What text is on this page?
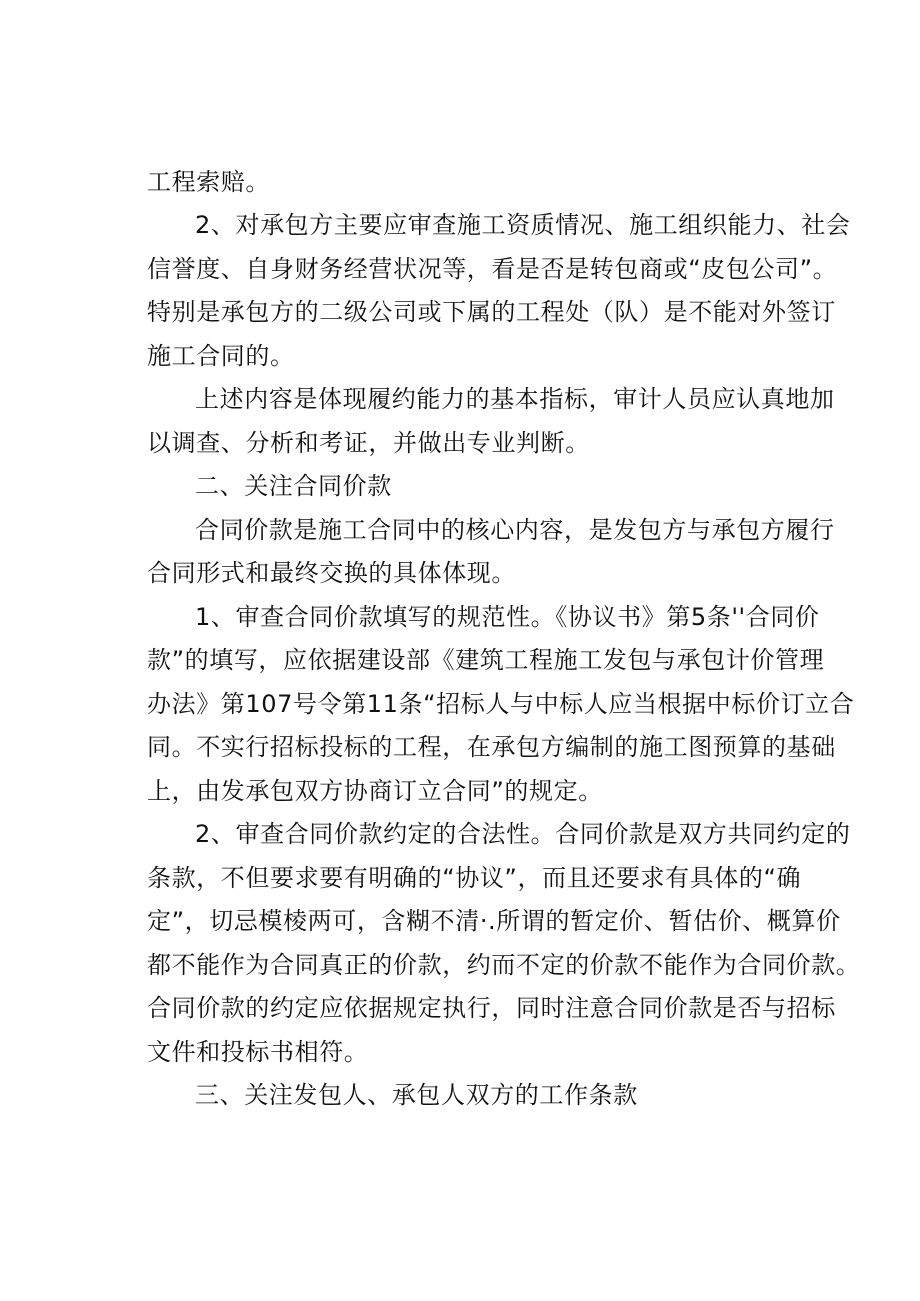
工程索赔。
2、对承包方主要应审查施工资质情况、施工组织能力、社会
信誉度、自身财务经营状况等，看是否是转包商或“皮包公司”。
特别是承包方的二级公司或下属的工程处（队）是不能对外签订
施工合同的。
上述内容是体现履约能力的基本指标，审计人员应认真地加
以调查、分析和考证，并做出专业判断。
二、关注合同价款
合同价款是施工合同中的核心内容，是发包方与承包方履行
合同形式和最终交换的具体体现。
1、审查合同价款填写的规范性。《协议书》第5条''合同价
款”的填写，应依据建设部《建筑工程施工发包与承包计价管理
办法》第107号令第11条“招标人与中标人应当根据中标价订立合
同。不实行招标投标的工程，在承包方编制的施工图预算的基础
上，由发承包双方协商订立合同”的规定。
2、审查合同价款约定的合法性。合同价款是双方共同约定的
条款，不但要求要有明确的“协议”，而且还要求有具体的“确
定”，切忌模棱两可，含糊不清·.所谓的暂定价、暂估价、概算价
都不能作为合同真正的价款，约而不定的价款不能作为合同价款。
合同价款的约定应依据规定执行，同时注意合同价款是否与招标
文件和投标书相符。
三、关注发包人、承包人双方的工作条款
